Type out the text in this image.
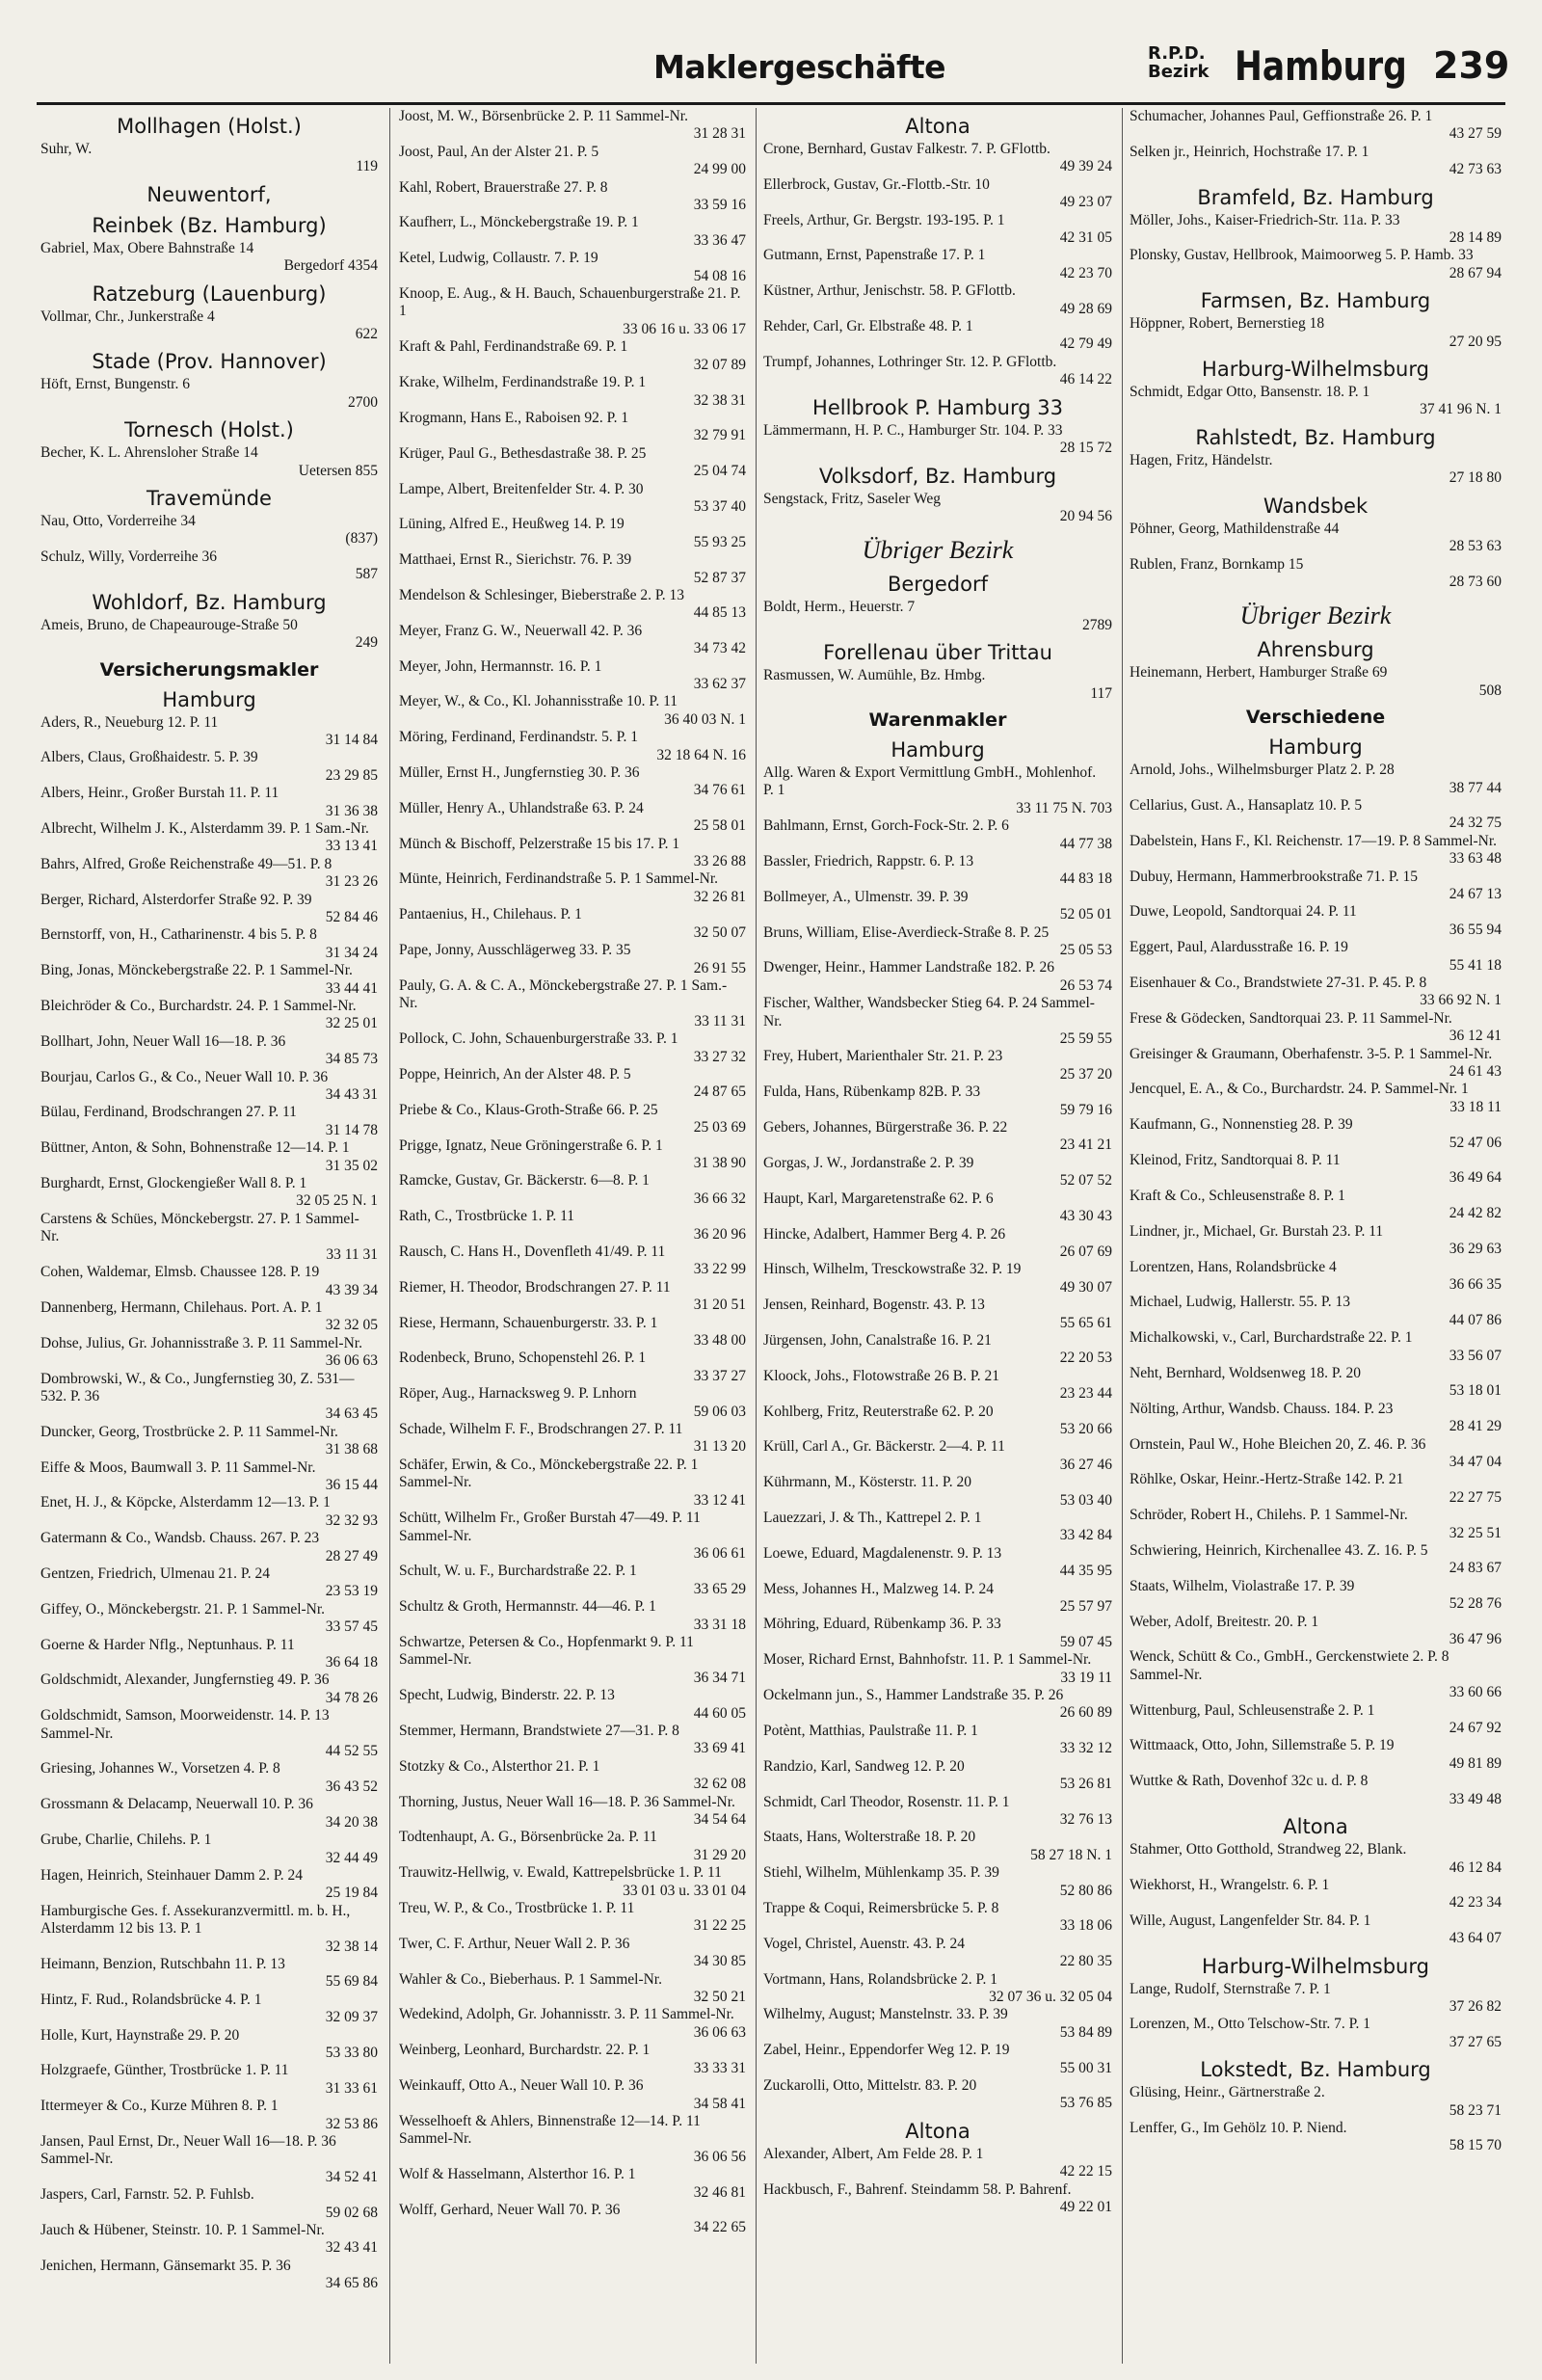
Maklergeschäfte	R.P.D.
Bezirk Hamburg 239
Mollhagen (Holst.)
Suhr, W.
119
Neuwentorf,
Reinbek (Bz. Hamburg)
Gabriel, Max, Obere Bahnstraße 14
Bergedorf 4354
Ratzeburg (Lauenburg)
Vollmar, Chr., Junkerstraße 4
622
Stade (Prov. Hannover)
Höft, Ernst, Bungenstr. 6
2700
Tornesch (Holst.)
Becher, K. L. Ahrensloher Straße 14
Uetersen 855
Travemünde
Nau, Otto, Vorderreihe 34
(837)
Schulz, Willy, Vorderreihe 36
587
Wohldorf, Bz. Hamburg
Ameis, Bruno, de Chapeaurouge-Straße 50
249
Versicherungsmakler
Hamburg
Aders, R., Neueburg 12. P. 11
31 14 84
Albers, Claus, Großhaidestr. 5. P. 39
23 29 85
Albers, Heinr., Großer Burstah 11. P. 11
31 36 38
Albrecht, Wilhelm J. K., Alsterdamm 39. P. 1 Sam.-Nr.
33 13 41
Bahrs, Alfred, Große Reichenstraße 49—51. P. 8
31 23 26
Berger, Richard, Alsterdorfer Straße 92. P. 39
52 84 46
Bernstorff, von, H., Catharinenstr. 4 bis 5. P. 8
31 34 24
Bing, Jonas, Mönckebergstraße 22. P. 1 Sammel-Nr.
33 44 41
Bleichröder & Co., Burchardstr. 24. P. 1 Sammel-Nr.
32 25 01
Bollhart, John, Neuer Wall 16—18. P. 36
34 85 73
Bourjau, Carlos G., & Co., Neuer Wall 10. P. 36
34 43 31
Bülau, Ferdinand, Brodschrangen 27. P. 11
31 14 78
Büttner, Anton, & Sohn, Bohnenstraße 12—14. P. 1
31 35 02
Burghardt, Ernst, Glockengießer Wall 8. P. 1
32 05 25 N. 1
Carstens & Schües, Mönckebergstr. 27. P. 1 Sammel-Nr.
33 11 31
Cohen, Waldemar, Elmsb. Chaussee 128. P. 19
43 39 34
Dannenberg, Hermann, Chilehaus. Port. A. P. 1
32 32 05
Dohse, Julius, Gr. Johannisstraße 3. P. 11 Sammel-Nr.
36 06 63
Dombrowski, W., & Co., Jungfernstieg 30, Z. 531—532. P. 36
34 63 45
Duncker, Georg, Trostbrücke 2. P. 11 Sammel-Nr.
31 38 68
Eiffe & Moos, Baumwall 3. P. 11 Sammel-Nr.
36 15 44
Enet, H. J., & Köpcke, Alsterdamm 12—13. P. 1
32 32 93
Gatermann & Co., Wandsb. Chauss. 267. P. 23
28 27 49
Gentzen, Friedrich, Ulmenau 21. P. 24
23 53 19
Giffey, O., Mönckebergstr. 21. P. 1 Sammel-Nr.
33 57 45
Goerne & Harder Nflg., Neptunhaus. P. 11
36 64 18
Goldschmidt, Alexander, Jungfernstieg 49. P. 36
34 78 26
Goldschmidt, Samson, Moorweidenstr. 14. P. 13 Sammel-Nr.
44 52 55
Griesing, Johannes W., Vorsetzen 4. P. 8
36 43 52
Grossmann & Delacamp, Neuerwall 10. P. 36
34 20 38
Grube, Charlie, Chilehs. P. 1
32 44 49
Hagen, Heinrich, Steinhauer Damm 2. P. 24
25 19 84
Hamburgische Ges. f. Assekuranzvermittl. m. b. H., Alsterdamm 12 bis 13. P. 1
32 38 14
Heimann, Benzion, Rutschbahn 11. P. 13
55 69 84
Hintz, F. Rud., Rolandsbrücke 4. P. 1
32 09 37
Holle, Kurt, Haynstraße 29. P. 20
53 33 80
Holzgraefe, Günther, Trostbrücke 1. P. 11
31 33 61
Ittermeyer & Co., Kurze Mühren 8. P. 1
32 53 86
Jansen, Paul Ernst, Dr., Neuer Wall 16—18. P. 36 Sammel-Nr.
34 52 41
Jaspers, Carl, Farnstr. 52. P. Fuhlsb.
59 02 68
Jauch & Hübener, Steinstr. 10. P. 1 Sammel-Nr.
32 43 41
Jenichen, Hermann, Gänsemarkt 35. P. 36
34 65 86
Joost, M. W., Börsenbrücke 2. P. 11 Sammel-Nr.
31 28 31
Joost, Paul, An der Alster 21. P. 5
24 99 00
Kahl, Robert, Brauerstraße 27. P. 8
33 59 16
Kaufherr, L., Mönckebergstraße 19. P. 1
33 36 47
Ketel, Ludwig, Collaustr. 7. P. 19
54 08 16
Knoop, E. Aug., & H. Bauch, Schauenburgerstraße 21. P. 1
33 06 16 u. 33 06 17
Kraft & Pahl, Ferdinandstraße 69. P. 1
32 07 89
Krake, Wilhelm, Ferdinandstraße 19. P. 1
32 38 31
Krogmann, Hans E., Raboisen 92. P. 1
32 79 91
Krüger, Paul G., Bethesdastraße 38. P. 25
25 04 74
Lampe, Albert, Breitenfelder Str. 4. P. 30
53 37 40
Lüning, Alfred E., Heußweg 14. P. 19
55 93 25
Matthaei, Ernst R., Sierichstr. 76. P. 39
52 87 37
Mendelson & Schlesinger, Bieberstraße 2. P. 13
44 85 13
Meyer, Franz G. W., Neuerwall 42. P. 36
34 73 42
Meyer, John, Hermannstr. 16. P. 1
33 62 37
Meyer, W., & Co., Kl. Johannisstraße 10. P. 11
36 40 03 N. 1
Möring, Ferdinand, Ferdinandstr. 5. P. 1
32 18 64 N. 16
Müller, Ernst H., Jungfernstieg 30. P. 36
34 76 61
Müller, Henry A., Uhlandstraße 63. P. 24
25 58 01
Münch & Bischoff, Pelzerstraße 15 bis 17. P. 1
33 26 88
Münte, Heinrich, Ferdinandstraße 5. P. 1 Sammel-Nr.
32 26 81
Pantaenius, H., Chilehaus. P. 1
32 50 07
Pape, Jonny, Ausschlägerweg 33. P. 35
26 91 55
Pauly, G. A. & C. A., Mönckebergstraße 27. P. 1 Sam.-Nr.
33 11 31
Pollock, C. John, Schauenburgerstraße 33. P. 1
33 27 32
Poppe, Heinrich, An der Alster 48. P. 5
24 87 65
Priebe & Co., Klaus-Groth-Straße 66. P. 25
25 03 69
Prigge, Ignatz, Neue Gröningerstraße 6. P. 1
31 38 90
Ramcke, Gustav, Gr. Bäckerstr. 6—8. P. 1
36 66 32
Rath, C., Trostbrücke 1. P. 11
36 20 96
Rausch, C. Hans H., Dovenfleth 41/49. P. 11
33 22 99
Riemer, H. Theodor, Brodschrangen 27. P. 11
31 20 51
Riese, Hermann, Schauenburgerstr. 33. P. 1
33 48 00
Rodenbeck, Bruno, Schopenstehl 26. P. 1
33 37 27
Röper, Aug., Harnacksweg 9. P. Lnhorn
59 06 03
Schade, Wilhelm F. F., Brodschrangen 27. P. 11
31 13 20
Schäfer, Erwin, & Co., Mönckebergstraße 22. P. 1 Sammel-Nr.
33 12 41
Schütt, Wilhelm Fr., Großer Burstah 47—49. P. 11 Sammel-Nr.
36 06 61
Schult, W. u. F., Burchardstraße 22. P. 1
33 65 29
Schultz & Groth, Hermannstr. 44—46. P. 1
33 31 18
Schwartze, Petersen & Co., Hopfenmarkt 9. P. 11 Sammel-Nr.
36 34 71
Specht, Ludwig, Binderstr. 22. P. 13
44 60 05
Stemmer, Hermann, Brandstwiete 27—31. P. 8
33 69 41
Stotzky & Co., Alsterthor 21. P. 1
32 62 08
Thorning, Justus, Neuer Wall 16—18. P. 36 Sammel-Nr.
34 54 64
Todtenhaupt, A. G., Börsenbrücke 2a. P. 11
31 29 20
Trauwitz-Hellwig, v. Ewald, Kattrepelsbrücke 1. P. 11
33 01 03 u. 33 01 04
Treu, W. P., & Co., Trostbrücke 1. P. 11
31 22 25
Twer, C. F. Arthur, Neuer Wall 2. P. 36
34 30 85
Wahler & Co., Bieberhaus. P. 1 Sammel-Nr.
32 50 21
Wedekind, Adolph, Gr. Johannisstr. 3. P. 11 Sammel-Nr.
36 06 63
Weinberg, Leonhard, Burchardstr. 22. P. 1
33 33 31
Weinkauff, Otto A., Neuer Wall 10. P. 36
34 58 41
Wesselhoeft & Ahlers, Binnenstraße 12—14. P. 11 Sammel-Nr.
36 06 56
Wolf & Hasselmann, Alsterthor 16. P. 1
32 46 81
Wolff, Gerhard, Neuer Wall 70. P. 36
34 22 65
Altona
Crone, Bernhard, Gustav Falkestr. 7. P. GFlottb.
49 39 24
Ellerbrock, Gustav, Gr.-Flottb.-Str. 10
49 23 07
Freels, Arthur, Gr. Bergstr. 193-195. P. 1
42 31 05
Gutmann, Ernst, Papenstraße 17. P. 1
42 23 70
Küstner, Arthur, Jenischstr. 58. P. GFlottb.
49 28 69
Rehder, Carl, Gr. Elbstraße 48. P. 1
42 79 49
Trumpf, Johannes, Lothringer Str. 12. P. GFlottb.
46 14 22
Hellbrook P. Hamburg 33
Lämmermann, H. P. C., Hamburger Str. 104. P. 33
28 15 72
Volksdorf, Bz. Hamburg
Sengstack, Fritz, Saseler Weg
20 94 56
Übriger Bezirk
Bergedorf
Boldt, Herm., Heuerstr. 7
2789
Forellenau über Trittau
Rasmussen, W. Aumühle, Bz. Hmbg.
117
Warenmakler
Hamburg
Allg. Waren & Export Vermittlung GmbH., Mohlenhof. P. 1
33 11 75 N. 703
Bahlmann, Ernst, Gorch-Fock-Str. 2. P. 6
44 77 38
Bassler, Friedrich, Rappstr. 6. P. 13
44 83 18
Bollmeyer, A., Ulmenstr. 39. P. 39
52 05 01
Bruns, William, Elise-Averdieck-Straße 8. P. 25
25 05 53
Dwenger, Heinr., Hammer Landstraße 182. P. 26
26 53 74
Fischer, Walther, Wandsbecker Stieg 64. P. 24 Sammel-Nr.
25 59 55
Frey, Hubert, Marienthaler Str. 21. P. 23
25 37 20
Fulda, Hans, Rübenkamp 82B. P. 33
59 79 16
Gebers, Johannes, Bürgerstraße 36. P. 22
23 41 21
Gorgas, J. W., Jordanstraße 2. P. 39
52 07 52
Haupt, Karl, Margaretenstraße 62. P. 6
43 30 43
Hincke, Adalbert, Hammer Berg 4. P. 26
26 07 69
Hinsch, Wilhelm, Tresckowstraße 32. P. 19
49 30 07
Jensen, Reinhard, Bogenstr. 43. P. 13
55 65 61
Jürgensen, John, Canalstraße 16. P. 21
22 20 53
Kloock, Johs., Flotowstraße 26 B. P. 21
23 23 44
Kohlberg, Fritz, Reuterstraße 62. P. 20
53 20 66
Krüll, Carl A., Gr. Bäckerstr. 2—4. P. 11
36 27 46
Kührmann, M., Kösterstr. 11. P. 20
53 03 40
Lauezzari, J. & Th., Kattrepel 2. P. 1
33 42 84
Loewe, Eduard, Magdalenenstr. 9. P. 13
44 35 95
Mess, Johannes H., Malzweg 14. P. 24
25 57 97
Möhring, Eduard, Rübenkamp 36. P. 33
59 07 45
Moser, Richard Ernst, Bahnhofstr. 11. P. 1 Sammel-Nr.
33 19 11
Ockelmann jun., S., Hammer Landstraße 35. P. 26
26 60 89
Potènt, Matthias, Paulstraße 11. P. 1
33 32 12
Randzio, Karl, Sandweg 12. P. 20
53 26 81
Schmidt, Carl Theodor, Rosenstr. 11. P. 1
32 76 13
Staats, Hans, Wolterstraße 18. P. 20
58 27 18 N. 1
Stiehl, Wilhelm, Mühlenkamp 35. P. 39
52 80 86
Trappe & Coqui, Reimersbrücke 5. P. 8
33 18 06
Vogel, Christel, Auenstr. 43. P. 24
22 80 35
Vortmann, Hans, Rolandsbrücke 2. P. 1
32 07 36 u. 32 05 04
Wilhelmy, August; Manstelnstr. 33. P. 39
53 84 89
Zabel, Heinr., Eppendorfer Weg 12. P. 19
55 00 31
Zuckarolli, Otto, Mittelstr. 83. P. 20
53 76 85
Altona
Alexander, Albert, Am Felde 28. P. 1
42 22 15
Hackbusch, F., Bahrenf. Steindamm 58. P. Bahrenf.
49 22 01
Schumacher, Johannes Paul, Geffionstraße 26. P. 1
43 27 59
Selken jr., Heinrich, Hochstraße 17. P. 1
42 73 63
Bramfeld, Bz. Hamburg
Möller, Johs., Kaiser-Friedrich-Str. 11a. P. 33
28 14 89
Plonsky, Gustav, Hellbrook, Maimoorweg 5. P. Hamb. 33
28 67 94
Farmsen, Bz. Hamburg
Höppner, Robert, Bernerstieg 18
27 20 95
Harburg-Wilhelmsburg
Schmidt, Edgar Otto, Bansenstr. 18. P. 1
37 41 96 N. 1
Rahlstedt, Bz. Hamburg
Hagen, Fritz, Händelstr.
27 18 80
Wandsbek
Pöhner, Georg, Mathildenstraße 44
28 53 63
Rublen, Franz, Bornkamp 15
28 73 60
Übriger Bezirk
Ahrensburg
Heinemann, Herbert, Hamburger Straße 69
508
Verschiedene
Hamburg
Arnold, Johs., Wilhelmsburger Platz 2. P. 28
38 77 44
Cellarius, Gust. A., Hansaplatz 10. P. 5
24 32 75
Dabelstein, Hans F., Kl. Reichenstr. 17—19. P. 8 Sammel-Nr.
33 63 48
Dubuy, Hermann, Hammerbrookstraße 71. P. 15
24 67 13
Duwe, Leopold, Sandtorquai 24. P. 11
36 55 94
Eggert, Paul, Alardusstraße 16. P. 19
55 41 18
Eisenhauer & Co., Brandstwiete 27-31. P. 45. P. 8
33 66 92 N. 1
Frese & Gödecken, Sandtorquai 23. P. 11 Sammel-Nr.
36 12 41
Greisinger & Graumann, Oberhafenstr. 3-5. P. 1 Sammel-Nr.
24 61 43
Jencquel, E. A., & Co., Burchardstr. 24. P. Sammel-Nr. 1
33 18 11
Kaufmann, G., Nonnenstieg 28. P. 39
52 47 06
Kleinod, Fritz, Sandtorquai 8. P. 11
36 49 64
Kraft & Co., Schleusenstraße 8. P. 1
24 42 82
Lindner, jr., Michael, Gr. Burstah 23. P. 11
36 29 63
Lorentzen, Hans, Rolandsbrücke 4
36 66 35
Michael, Ludwig, Hallerstr. 55. P. 13
44 07 86
Michalkowski, v., Carl, Burchardstraße 22. P. 1
33 56 07
Neht, Bernhard, Woldsenweg 18. P. 20
53 18 01
Nölting, Arthur, Wandsb. Chauss. 184. P. 23
28 41 29
Ornstein, Paul W., Hohe Bleichen 20, Z. 46. P. 36
34 47 04
Röhlke, Oskar, Heinr.-Hertz-Straße 142. P. 21
22 27 75
Schröder, Robert H., Chilehs. P. 1 Sammel-Nr.
32 25 51
Schwiering, Heinrich, Kirchenallee 43. Z. 16. P. 5
24 83 67
Staats, Wilhelm, Violastraße 17. P. 39
52 28 76
Weber, Adolf, Breitestr. 20. P. 1
36 47 96
Wenck, Schütt & Co., GmbH., Gerckenstwiete 2. P. 8 Sammel-Nr.
33 60 66
Wittenburg, Paul, Schleusenstraße 2. P. 1
24 67 92
Wittmaack, Otto, John, Sillemstraße 5. P. 19
49 81 89
Wuttke & Rath, Dovenhof 32c u. d. P. 8
33 49 48
Altona
Stahmer, Otto Gotthold, Strandweg 22, Blank.
46 12 84
Wiekhorst, H., Wrangelstr. 6. P. 1
42 23 34
Wille, August, Langenfelder Str. 84. P. 1
43 64 07
Harburg-Wilhelmsburg
Lange, Rudolf, Sternstraße 7. P. 1
37 26 82
Lorenzen, M., Otto Telschow-Str. 7. P. 1
37 27 65
Lokstedt, Bz. Hamburg
Glüsing, Heinr., Gärtnerstraße 2.
58 23 71
Lenffer, G., Im Gehölz 10. P. Niend.
58 15 70
